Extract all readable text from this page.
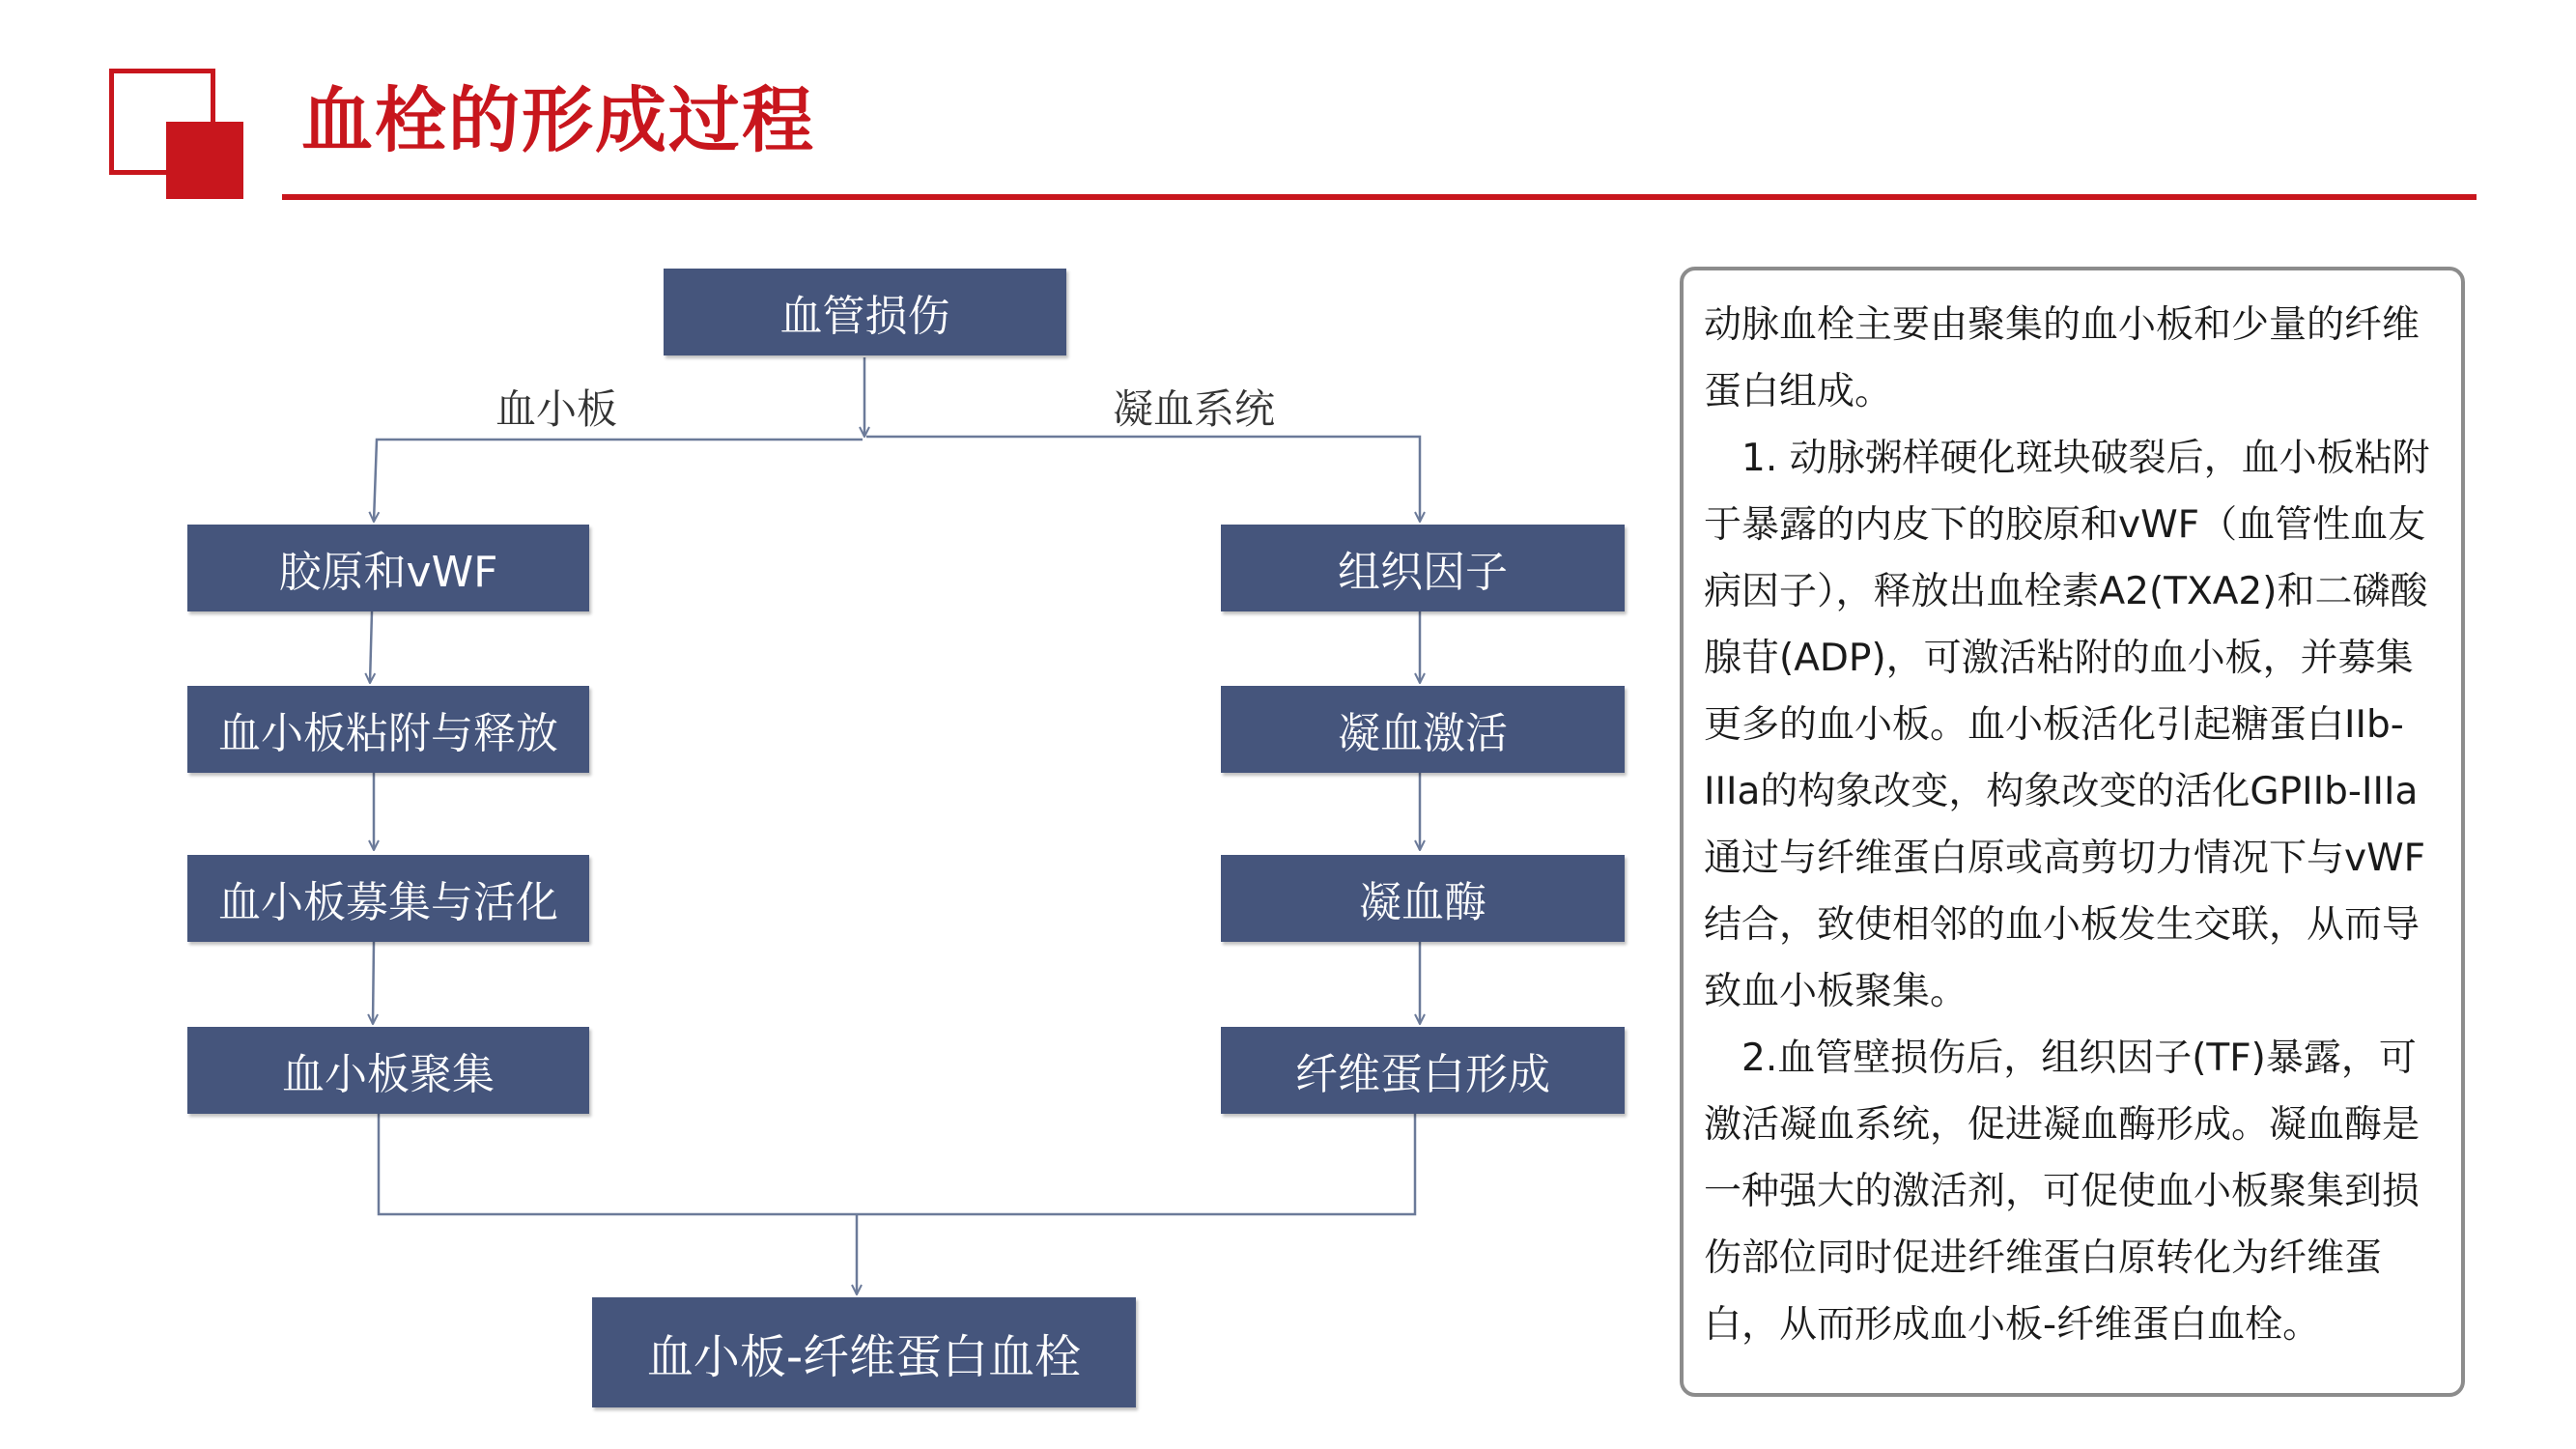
血栓的形成过程
血小板	凝血系统
血管损伤
胶原和vWF
血小板粘附与释放
血小板募集与活化
血小板聚集
组织因子
凝血激活
凝血酶
纤维蛋白形成
血小板-纤维蛋白血栓

动脉血栓主要由聚集的血小板和少量的纤维蛋白组成。

1. 动脉粥样硬化斑块破裂后，血小板粘附于暴露的内皮下的胶原和vWF（血管性血友病因子），释放出血栓素A2(TXA2)和二磷酸腺苷(ADP)，可激活粘附的血小板，并募集更多的血小板。血小板活化引起糖蛋白IIb-IIIa的构象改变，构象改变的活化GPIIb-IIIa通过与纤维蛋白原或高剪切力情况下与vWF结合，致使相邻的血小板发生交联，从而导致血小板聚集。

2.血管壁损伤后，组织因子(TF)暴露，可激活凝血系统，促进凝血酶形成。凝血酶是一种强大的激活剂，可促使血小板聚集到损伤部位同时促进纤维蛋白原转化为纤维蛋白，从而形成血小板-纤维蛋白血栓。
